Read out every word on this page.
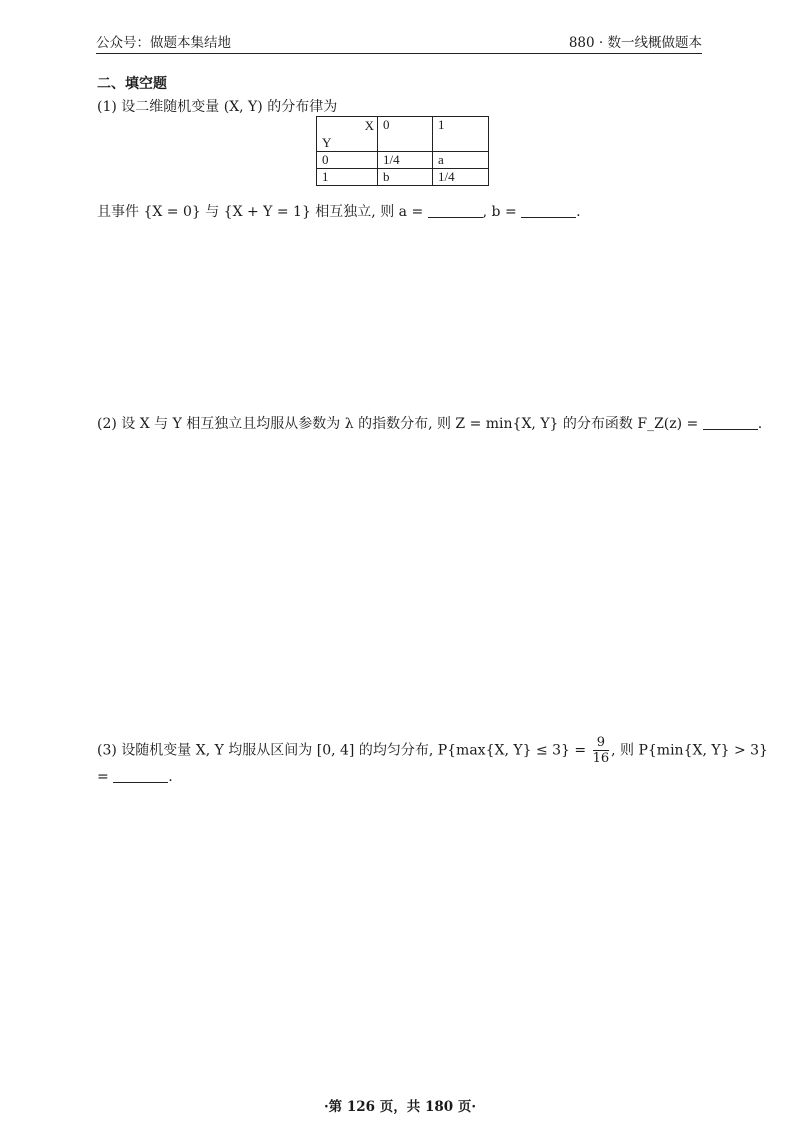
公众号：做题本集结地	880 · 数一线概做题本
二、填空题
(1) 设二维随机变量 (X, Y) 的分布律为
X
Y	0	1
0	1/4	a
1	b	1/4
且事件 {X = 0} 与 {X + Y = 1} 相互独立, 则 a =	, b =	.
(2) 设 X 与 Y 相互独立且均服从参数为 λ 的指数分布, 则 Z = min{X, Y} 的分布函数 F_Z(z) =	.
(3) 设随机变量 X, Y 均服从区间为 [0, 4] 的均匀分布, P{max{X, $Y\} \le 3\} = \frac{9}{16}$ , 则 P{min{X, Y} > 3}
=	.
·第 126 页，共 180 页·
